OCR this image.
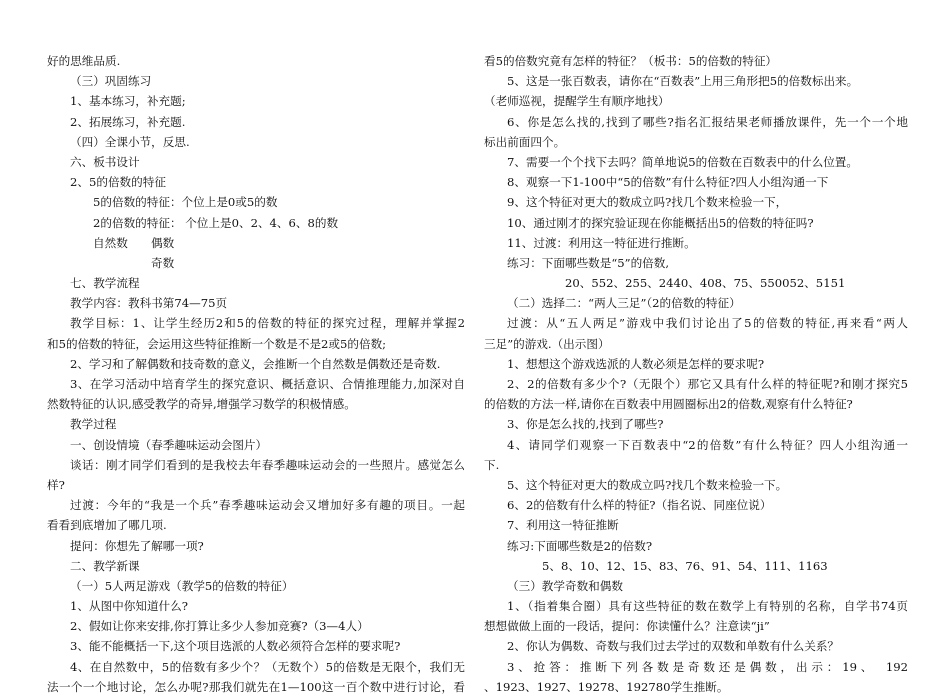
好的思维品质.
（三）巩固练习
1、基本练习，补充题;
2、拓展练习，补充题.
（四）全课小节，反思.
六、板书设计
2、5的倍数的特征
5的倍数的特征：个位上是0或5的数
2的倍数的特征： 个位上是0、2、4、6、8的数
自然数　　偶数
奇数
七、教学流程
教学内容：教科书第74—75页
教学目标：1、让学生经历2和5的倍数的特征的探究过程，理解并掌握2
和5的倍数的特征，会运用这些特征推断一个数是不是2或5的倍数;
2、学习和了解偶数和技奇数的意义，会推断一个自然数是偶数还是奇数.
3、在学习活动中培育学生的探究意识、概括意识、合情推理能力,加深对自
然数特征的认识,感受教学的奇异,增强学习数学的积极情感。
教学过程
一、创设情境（春季趣味运动会图片）
谈话：刚才同学们看到的是我校去年春季趣味运动会的一些照片。感觉怎么
样?
过渡：今年的“我是一个兵”春季趣味运动会又增加好多有趣的项目。一起
看看到底增加了哪几项.
提问：你想先了解哪一项?
二、教学新课
（一）5人两足游戏（教学5的倍数的特征）
1、从图中你知道什么?
2、假如让你来安排,你打算让多少人参加竞赛?（3—4人）
3、能不能概括一下,这个项目选派的人数必须符合怎样的要求呢?
4、在自然数中，5的倍数有多少个？（无数个）5的倍数是无限个，我们无
法一个一个地讨论，怎么办呢?那我们就先在1—100这一百个数中进行讨论，看
看5的倍数究竟有怎样的特征？（板书：5的倍数的特征）
5、这是一张百数表，请你在“百数表”上用三角形把5的倍数标出来。
（老师巡视，提醒学生有顺序地找）
6、你是怎么找的,找到了哪些?指名汇报结果老师播放课件，先一个一个地
标出前面四个。
7、需要一个个找下去吗？简单地说5的倍数在百数表中的什么位置。
8、观察一下1-100中“5的倍数”有什么特征?四人小组沟通一下
9、这个特征对更大的数成立吗?找几个数来检验一下，
10、通过刚才的探究验证现在你能概括出5的倍数的特征吗?
11、过渡：利用这一特征进行推断。
练习：下面哪些数是“5”的倍数,
20、552、255、2440、408、75、550052、5151
（二）选择二：“两人三足”（2的倍数的特征）
过渡：从“五人两足”游戏中我们讨论出了5的倍数的特征,再来看“两人
三足”的游戏.（出示图）
1、想想这个游戏选派的人数必须是怎样的要求呢?
2、2的倍数有多少个?（无限个）那它又具有什么样的特征呢?和刚才探究5
的倍数的方法一样,请你在百数表中用圆圈标出2的倍数,观察有什么特征?
3、你是怎么找的,找到了哪些?
4、请同学们观察一下百数表中“2的倍数”有什么特征？四人小组沟通一
下.
5、这个特征对更大的数成立吗?找几个数来检验一下。
6、2的倍数有什么样的特征?（指名说、同座位说）
7、利用这一特征推断
练习:下面哪些数是2的倍数?
5、8、10、12、15、83、76、91、54、111、1163
（三）教学奇数和偶数
1、（指着集合圈）具有这些特征的数在数学上有特别的名称，自学书74页
想想做做上面的一段话，提问：你读懂什么？注意读“ji”
2、你认为偶数、奇数与我们过去学过的双数和单数有什么关系？
3、抢答：推断下列各数是奇数还是偶数，出示：19、　192
、1923、1927、19278、192780学生推断。
